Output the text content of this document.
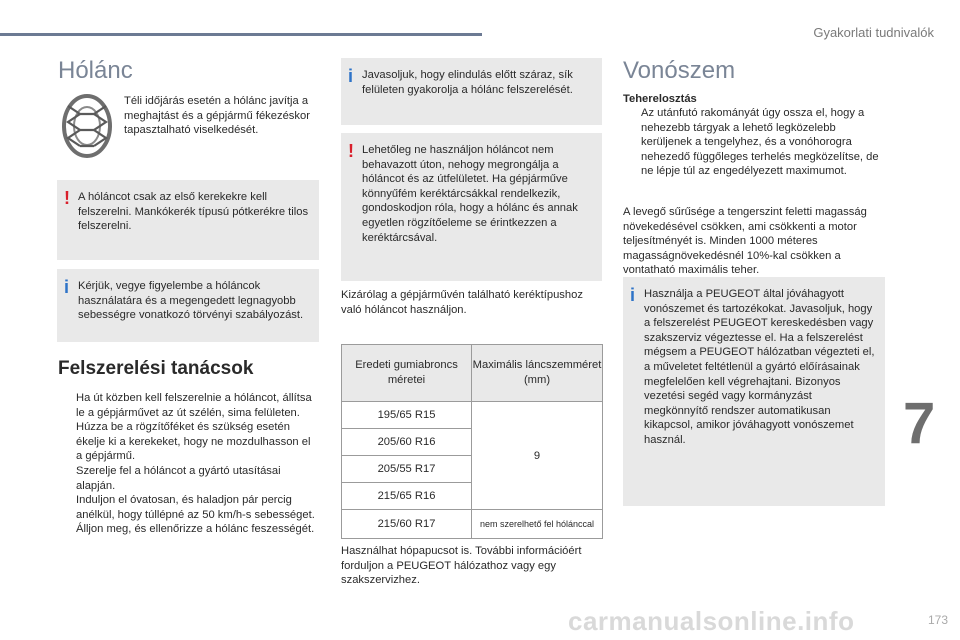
Gyakorlati tudnivalók
Hólánc
Téli időjárás esetén a hólánc javítja a meghajtást és a gépjármű fékezéskor tapasztalható viselkedését.
! A hóláncot csak az első kerekekre kell felszerelni. Mankókerék típusú pótkerékre tilos felszerelni.
i Kérjük, vegye figyelembe a hóláncok használatára és a megengedett legnagyobb sebességre vonatkozó törvényi szabályozást.
Felszerelési tanácsok
Ha út közben kell felszerelnie a hóláncot, állítsa le a gépjárművet az út szélén, sima felületen.
Húzza be a rögzítőféket és szükség esetén ékelje ki a kerekeket, hogy ne mozdulhasson el a gépjármű.
Szerelje fel a hóláncot a gyártó utasításai alapján.
Induljon el óvatosan, és haladjon pár percig anélkül, hogy túllépné az 50 km/h-s sebességet.
Álljon meg, és ellenőrizze a hólánc feszességét.
i Javasoljuk, hogy elindulás előtt száraz, sík felületen gyakorolja a hólánc felszerelését.
! Lehetőleg ne használjon hóláncot nem behavazott úton, nehogy megrongálja a hóláncot és az útfelületet. Ha gépjárműve könnyűfém keréktárcsákkal rendelkezik, gondoskodjon róla, hogy a hólánc és annak egyetlen rögzítőeleme se érintkezzen a keréktárcsával.
Kizárólag a gépjárművén található keréktípushoz való hóláncot használjon.
Eredeti gumiabroncs méretei	Maximális láncszemméret (mm)
195/65 R15	9
205/60 R16	
205/55 R17	
215/65 R16	
215/60 R17	nem szerelhető fel hólánccal
Használhat hópapucsot is. További információért forduljon a PEUGEOT hálózathoz vagy egy szakszervizhez.
Vonószem
Teherelosztás
Az utánfutó rakományát úgy ossza el, hogy a nehezebb tárgyak a lehető legközelebb kerüljenek a tengelyhez, és a vonóhorogra nehezedő függőleges terhelés megközelítse, de ne lépje túl az engedélyezett maximumot.
A levegő sűrűsége a tengerszint feletti magasság növekedésével csökken, ami csökkenti a motor teljesítményét is. Minden 1000 méteres magasságnövekedésnél 10%-kal csökken a vontatható maximális teher.
i Használja a PEUGEOT által jóváhagyott vonószemet és tartozékokat. Javasoljuk, hogy a felszerelést PEUGEOT kereskedésben vagy szakszerviz végeztesse el. Ha a felszerelést mégsem a PEUGEOT hálózatban végezteti el, a műveletet feltétlenül a gyártó előírásainak megfelelően kell végrehajtani. Bizonyos vezetési segéd vagy kormányzást megkönnyítő rendszer automatikusan kikapcsol, amikor jóváhagyott vonószemet használ.	7
carmanualsonline.info	173
